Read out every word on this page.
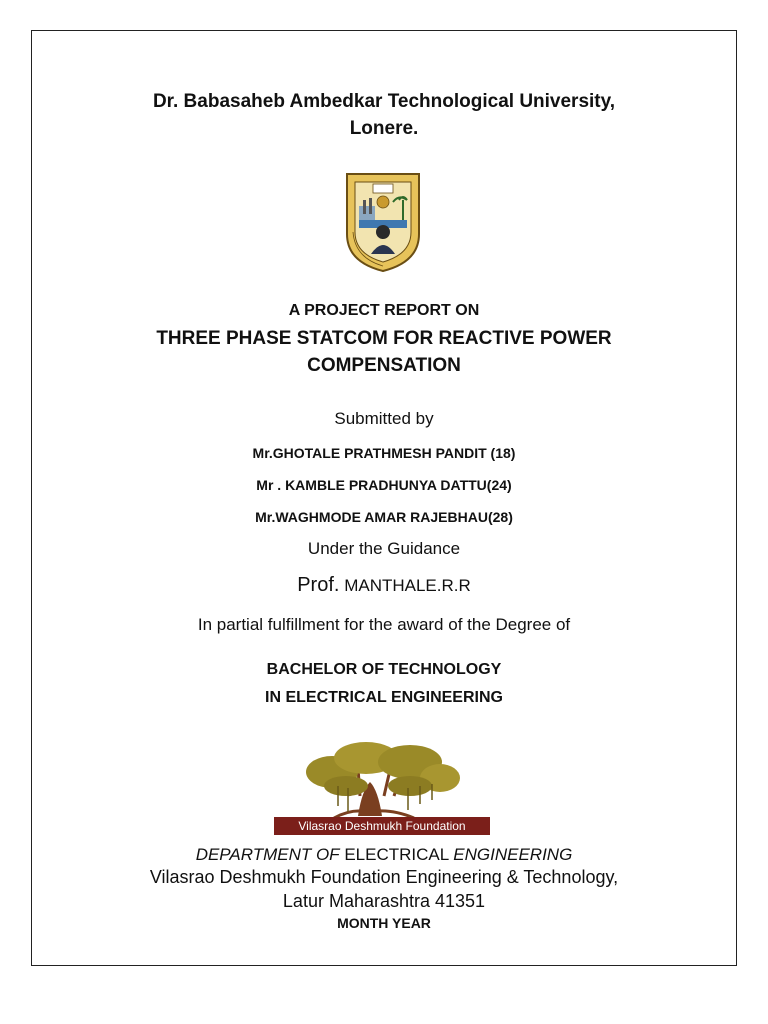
Dr. Babasaheb Ambedkar Technological University,
Lonere.
A PROJECT REPORT ON
THREE PHASE STATCOM FOR REACTIVE POWER
COMPENSATION
Submitted by
Mr.GHOTALE PRATHMESH PANDIT (18)
Mr . KAMBLE PRADHUNYA DATTU(24)
Mr.WAGHMODE AMAR RAJEBHAU(28)
Under the Guidance
Prof. MANTHALE.R.R
In partial fulfillment for the award of the Degree of
BACHELOR OF TECHNOLOGY
IN ELECTRICAL ENGINEERING
Vilasrao Deshmukh Foundation
DEPARTMENT OF ELECTRICAL ENGINEERING
Vilasrao Deshmukh Foundation Engineering & Technology,
Latur Maharashtra 41351
MONTH YEAR
